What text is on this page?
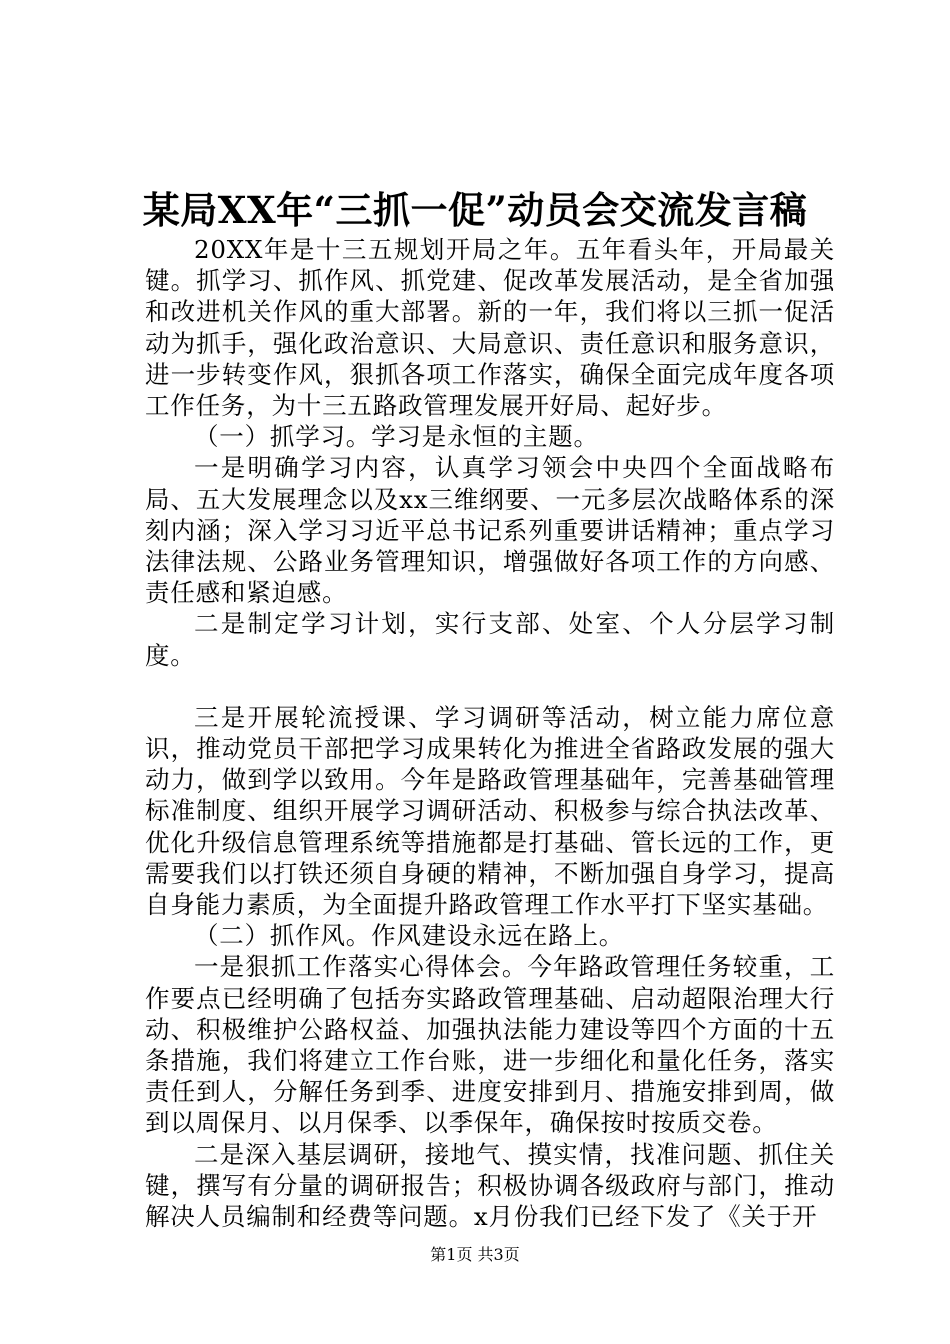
某局XX年“三抓一促”动员会交流发言稿

20XX年是十三五规划开局之年。五年看头年，开局最关键。抓学习、抓作风、抓党建、促改革发展活动，是全省加强和改进机关作风的重大部署。新的一年，我们将以三抓一促活动为抓手，强化政治意识、大局意识、责任意识和服务意识，进一步转变作风，狠抓各项工作落实，确保全面完成年度各项工作任务，为十三五路政管理发展开好局、起好步。

（一）抓学习。学习是永恒的主题。

一是明确学习内容，认真学习领会中央四个全面战略布局、五大发展理念以及xx三维纲要、一元多层次战略体系的深刻内涵；深入学习习近平总书记系列重要讲话精神；重点学习法律法规、公路业务管理知识，增强做好各项工作的方向感、责任感和紧迫感。

二是制定学习计划，实行支部、处室、个人分层学习制度。

三是开展轮流授课、学习调研等活动，树立能力席位意识，推动党员干部把学习成果转化为推进全省路政发展的强大动力，做到学以致用。今年是路政管理基础年，完善基础管理标准制度、组织开展学习调研活动、积极参与综合执法改革、优化升级信息管理系统等措施都是打基础、管长远的工作，更需要我们以打铁还须自身硬的精神，不断加强自身学习，提高自身能力素质，为全面提升路政管理工作水平打下坚实基础。

（二）抓作风。作风建设永远在路上。

一是狠抓工作落实心得体会。今年路政管理任务较重，工作要点已经明确了包括夯实路政管理基础、启动超限治理大行动、积极维护公路权益、加强执法能力建设等四个方面的十五条措施，我们将建立工作台账，进一步细化和量化任务，落实责任到人，分解任务到季、进度安排到月、措施安排到周，做到以周保月、以月保季、以季保年，确保按时按质交卷。

二是深入基层调研，接地气、摸实情，找准问题、抓住关键，撰写有分量的调研报告；积极协调各级政府与部门，推动解决人员编制和经费等问题。x月份我们已经下发了《关于开

第1页 共3页
